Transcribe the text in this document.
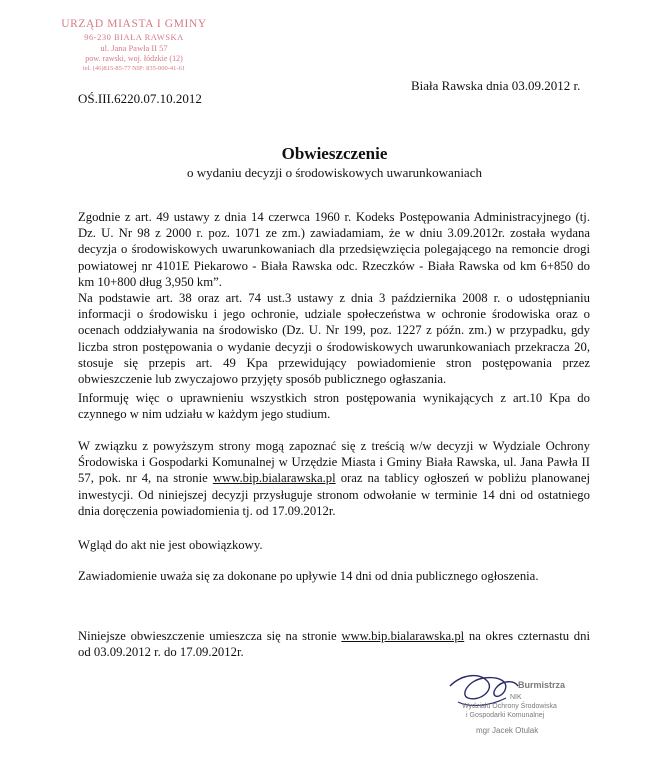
URZĄD MIASTA I GMINY
96-230 BIAŁA RAWSKA
ul. Jana Pawła II 57
pow. rawski, woj. łódzkie (12)
tel. (46)815-85-77 NIP: 835-000-41-61
OŚ.III.6220.07.10.2012
Biała Rawska dnia 03.09.2012 r.
Obwieszczenie
o wydaniu decyzji o środowiskowych uwarunkowaniach
Zgodnie z art. 49 ustawy z dnia 14 czerwca 1960 r. Kodeks Postępowania Administracyjnego (tj. Dz. U. Nr 98 z 2000 r. poz. 1071 ze zm.) zawiadamiam, że w dniu 3.09.2012r. została wydana decyzja o środowiskowych uwarunkowaniach dla przedsięwzięcia polegającego na remoncie drogi powiatowej nr 4101E Piekarowo - Biała Rawska odc. Rzeczków - Biała Rawska od km 6+850 do km 10+800 dług 3,950 km”.
Na podstawie art. 38 oraz art. 74 ust.3 ustawy z dnia 3 października 2008 r. o udostępnianiu informacji o środowisku i jego ochronie, udziale społeczeństwa w ochronie środowiska oraz o ocenach oddziaływania na środowisko (Dz. U. Nr 199, poz. 1227 z późn. zm.) w przypadku, gdy liczba stron postępowania o wydanie decyzji o środowiskowych uwarunkowaniach przekracza 20, stosuje się przepis art. 49 Kpa przewidujący powiadomienie stron postępowania przez obwieszczenie lub zwyczajowo przyjęty sposób publicznego ogłaszania.
Informuję więc o uprawnieniu wszystkich stron postępowania wynikających z art.10 Kpa do czynnego w nim udziału w każdym jego studium.
W związku z powyższym strony mogą zapoznać się z treścią w/w decyzji w Wydziale Ochrony Środowiska i Gospodarki Komunalnej w Urzędzie Miasta i Gminy Biała Rawska, ul. Jana Pawła II 57, pok. nr 4, na stronie www.bip.bialarawska.pl oraz na tablicy ogłoszeń w pobliżu planowanej inwestycji. Od niniejszej decyzji przysługuje stronom odwołanie w terminie 14 dni od ostatniego dnia doręczenia powiadomienia tj. od 17.09.2012r.
Wgląd do akt nie jest obowiązkowy.
Zawiadomienie uważa się za dokonane po upływie 14 dni od dnia publicznego ogłoszenia.
Niniejsze obwieszczenie umieszcza się na stronie www.bip.bialarawska.pl na okres czternastu dni od 03.09.2012 r. do 17.09.2012r.
Burmistrza
NIK
Wydziału Ochrony Środowiska
i Gospodarki Komunalnej
mgr Jacek Otulak
